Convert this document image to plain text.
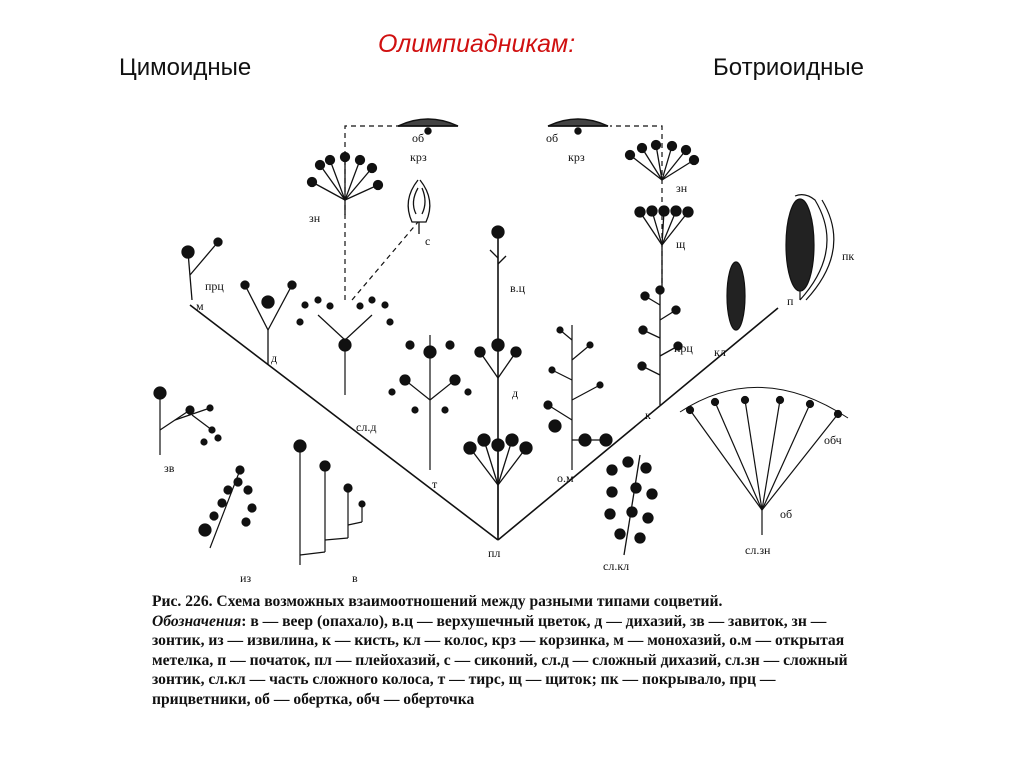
Цимоидные
Олимпиадникам:
Ботриоидные
об
крз
зн
с
об
крз
зн
щ
пк
п
кл
прц
м
д
сл.д
в.ц
д
прц
к
т	о.м
зв
обч
об
сл.зн
из	в
пл
сл.кл
Рис. 226. Схема возможных взаимоотношений между разными типами соцветий.
Обозначения: в — веер (опахало), в.ц — верхушечный цветок, д — дихазий, зв — завиток, зн — зонтик, из — извилина, к — кисть, кл — колос, крз — корзинка, м — монохазий, о.м — открытая метелка, п — початок, пл — плейохазий, с — сиконий, сл.д — сложный дихазий, сл.зн — сложный зонтик, сл.кл — часть сложного колоса, т — тирс, щ — щиток; пк — покрывало, прц — прицветники, об — обертка, обч — оберточка
